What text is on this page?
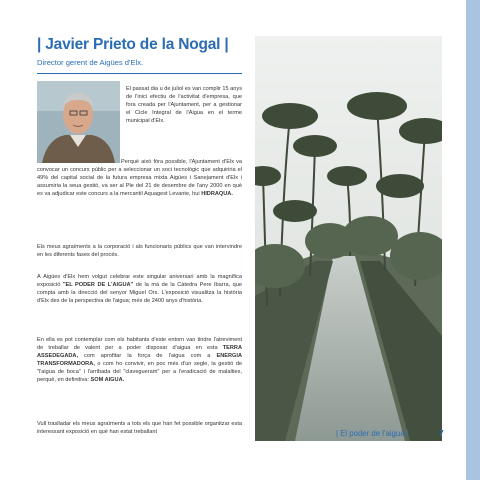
| Javier Prieto de la Nogal |
Director gerent de Aigües d'Elx.
El passat dia u de juliol es van complir 15 anys de l'inici efectiu de l'activitat d'empresa, que fora creada per l'Ajuntament, per a gestionar el Cicle Integral de l'Aigua en el terme municipal d'Elx.
Perquè això fóra possible, l'Ajuntament d'Elx va convocar un concurs públic per a seleccionar un soci tecnològic que adquiriria el 49% del capital social de la futura empresa mixta Aigües i Sanejament d'Elx i assumiria la seua gestió, va ser al Ple del 21 de desembre de l'any 2000 en què es va adjudicar este concurs a la mercantil Aquagest Levante, hui HIDRAQUA.
Els meus agraïments a la corporació i als funcionaris públics que van intervindre en les diferents fases del procés.
A Aigües d'Elx hem volgut celebrar este singular aniversari amb la magnífica exposició "EL PODER DE L'AIGUA" de la mà de la Càtedra Pere Ibarra, que compta amb la direcció del senyor Miguel Ors. L'exposició visualitza la història d'Elx des de la perspectiva de l'aigua; més de 2400 anys d'història.
En ella es pot contemplar com els habitants d'este entorn van tindre l'atreviment de treballar de valent per a poder disposar d'aigua en esta TERRA ASSEDEGADA, com aprofitar la força de l'aigua com a ENERGIA TRANSFORMADORA, o com ho convivir, en poc més d'un segle, la gestió de "l'aigua de boca" i l'arribada del "clavegueram" per a l'eradicació de malalties, perquè, en definitiva: SOM AIGUA.
Vull traslladar els meus agraïments a tots els que han fet possible organitzar esta interessant exposició en què han estat treballant	| El poder de l'aigua |	7
